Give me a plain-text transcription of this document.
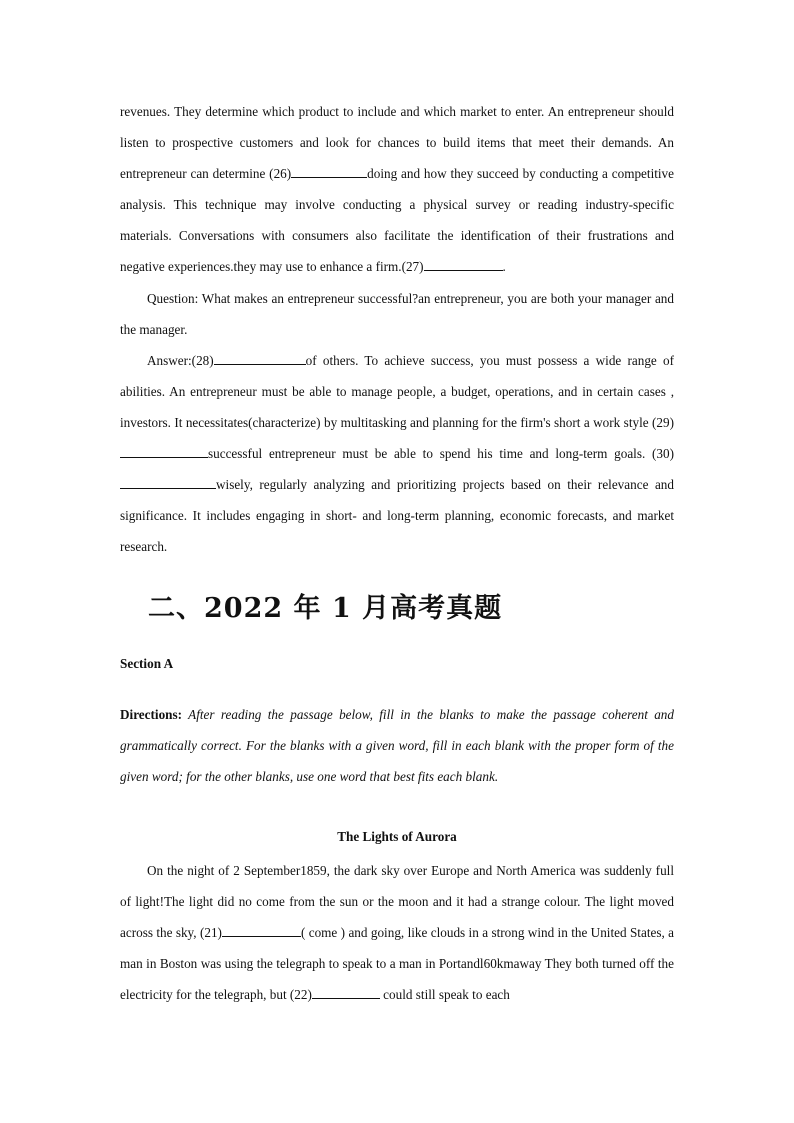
revenues. They determine which product to include and which market to enter. An entrepreneur should listen to prospective customers and look for chances to build items that meet their demands. An entrepreneur can determine (26)	doing and how they succeed by conducting a competitive analysis. This technique may involve conducting a physical survey or reading industry-specific materials. Conversations with consumers also facilitate the identification of their frustrations and negative experiences.they may use to enhance a firm.(27)	.

Question: What makes an entrepreneur successful?an entrepreneur, you are both your manager and the manager.

Answer:(28)	of others. To achieve success, you must possess a wide range of abilities. An entrepreneur must be able to manage people, a budget, operations, and in certain cases , investors. It necessitates(characterize) by multitasking and planning for the firm's short a work style (29)successful entrepreneur must be able to spend his time and long-term goals. (30)wisely, regularly analyzing and prioritizing projects based on their relevance and significance. It includes engaging in short- and long-term planning, economic forecasts, and market research.

二、2022 年 1 月高考真题

Section A

Directions: After reading the passage below, fill in the blanks to make the passage coherent and grammatically correct. For the blanks with a given word, fill in each blank with the proper form of the given word; for the other blanks, use one word that best fits each blank.

The Lights of Aurora

On the night of 2 September1859, the dark sky over Europe and North America was suddenly full of light!The light did no come from the sun or the moon and it had a strange colour. The light moved across the sky, (21)	( come ) and going, like clouds in a strong wind in the United States, a man in Boston was using the telegraph to speak to a man in Portandl60kmaway They both turned off the electricity for the telegraph, but (22)	could still speak to each
